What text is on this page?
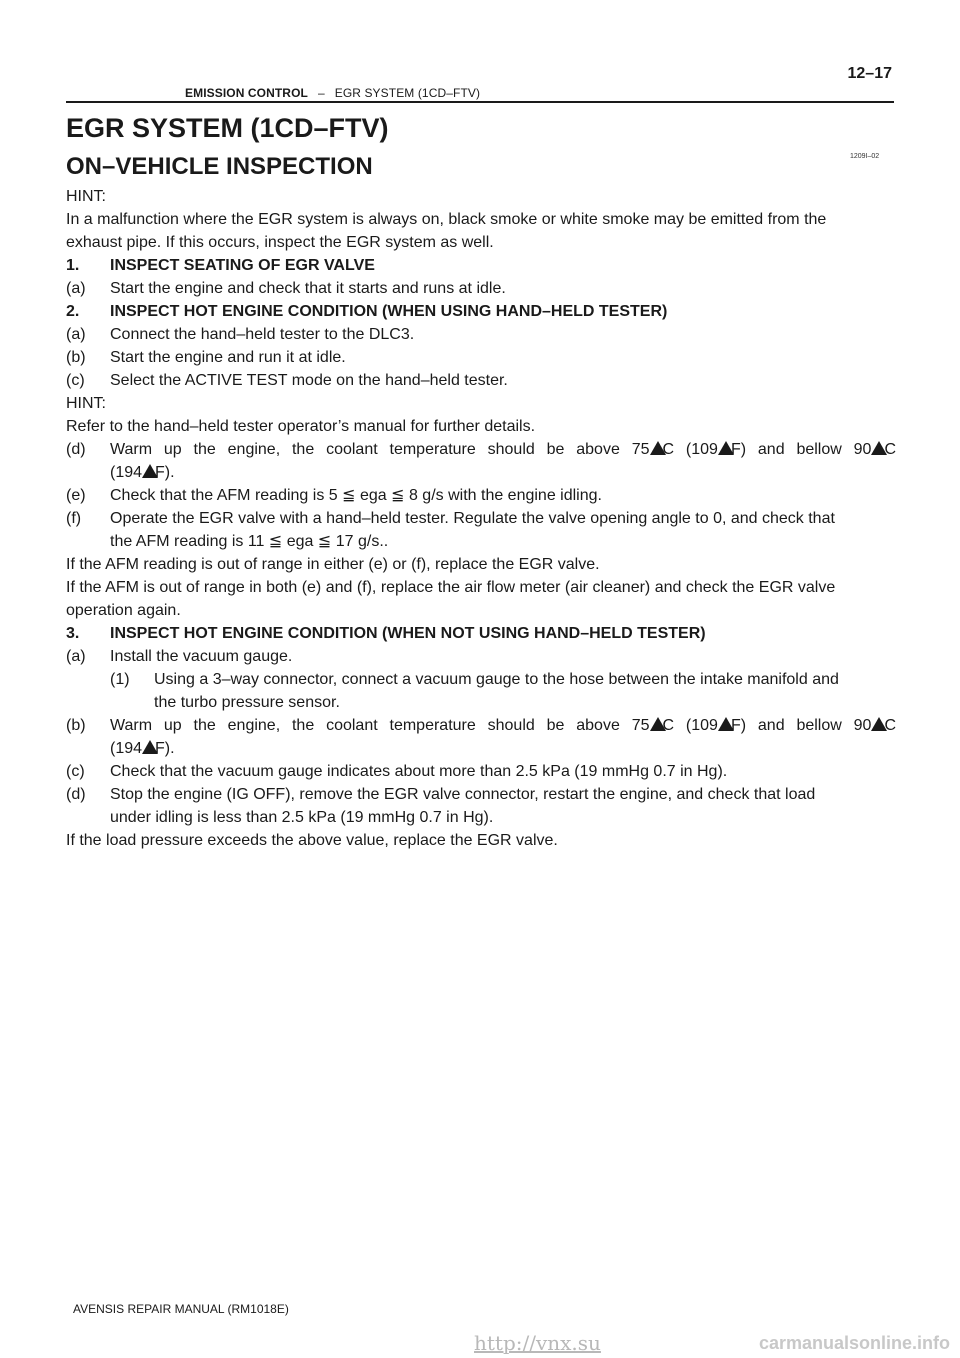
EMISSION CONTROL – EGR SYSTEM (1CD–FTV)
12–17
EGR SYSTEM (1CD–FTV)
ON–VEHICLE INSPECTION	1209I–02
HINT:
In a malfunction where the EGR system is always on, black smoke or white smoke may be emitted from the
exhaust pipe. If this occurs, inspect the EGR system as well.
1. INSPECT SEATING OF EGR VALVE
(a) Start the engine and check that it starts and runs at idle.
2. INSPECT HOT ENGINE CONDITION (WHEN USING HAND–HELD TESTER)
(a) Connect the hand–held tester to the DLC3.
(b) Start the engine and run it at idle.
(c) Select the ACTIVE TEST mode on the hand–held tester.
HINT:
Refer to the hand–held tester operator’s manual for further details.
(d) Warm up the engine, the coolant temperature should be above 75 C (109 F) and bellow 90 C
(194 F).
(e) Check that the AFM reading is 5 ≦ ega ≦ 8 g/s with the engine idling.
(f) Operate the EGR valve with a hand–held tester. Regulate the valve opening angle to 0, and check that
the AFM reading is 11 ≦ ega ≦ 17 g/s..
If the AFM reading is out of range in either (e) or (f), replace the EGR valve.
If the AFM is out of range in both (e) and (f), replace the air flow meter (air cleaner) and check the EGR valve
operation again.
3. INSPECT HOT ENGINE CONDITION (WHEN NOT USING HAND–HELD TESTER)
(a) Install the vacuum gauge.
(1) Using a 3–way connector, connect a vacuum gauge to the hose between the intake manifold and
the turbo pressure sensor.
(b) Warm up the engine, the coolant temperature should be above 75 C (109 F) and bellow 90 C
(194 F).
(c) Check that the vacuum gauge indicates about more than 2.5 kPa (19 mmHg 0.7 in Hg).
(d) Stop the engine (IG OFF), remove the EGR valve connector, restart the engine, and check that load
under idling is less than 2.5 kPa (19 mmHg 0.7 in Hg).
If the load pressure exceeds the above value, replace the EGR valve.
AVENSIS REPAIR MANUAL (RM1018E)
http://vnx.su	carmanualsonline.info
